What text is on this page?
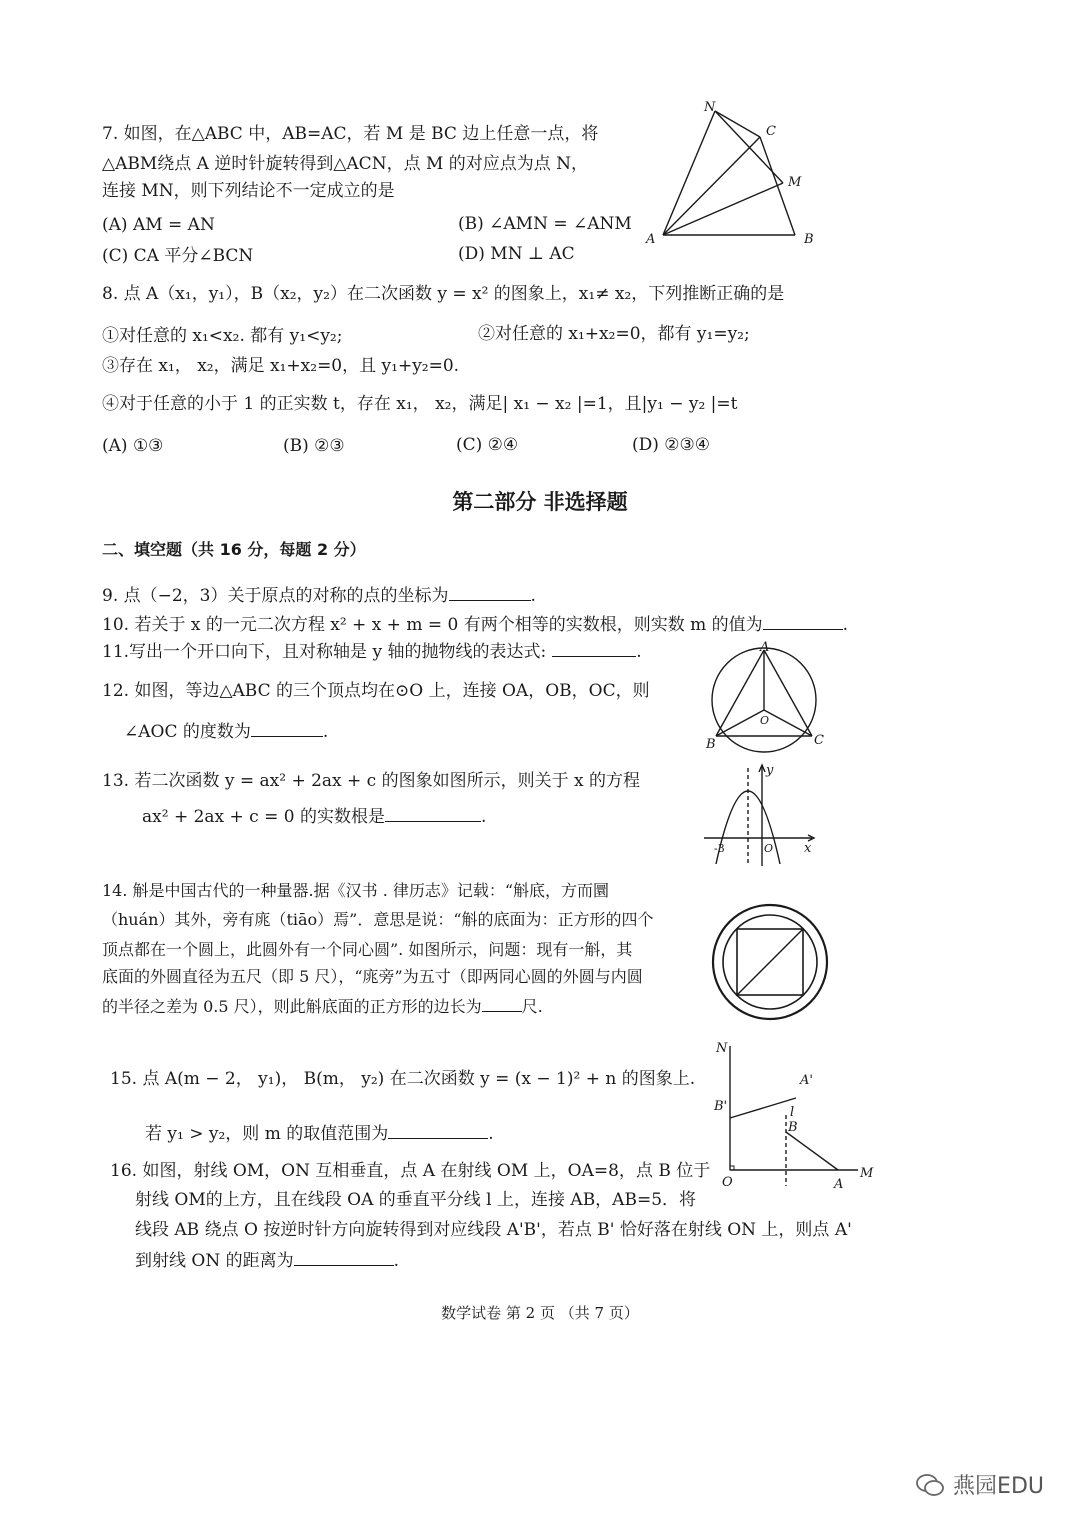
7. 如图，在△ABC 中，AB=AC，若 M 是 BC 边上任意一点，将
△ABM绕点 A 逆时针旋转得到△ACN，点 M 的对应点为点 N，
连接 MN，则下列结论不一定成立的是
(A) AM = AN	(B) ∠AMN = ∠ANM
(C) CA 平分∠BCN	(D) MN ⊥ AC
N
C
M
A	B
8. 点 A（x₁，y₁），B（x₂，y₂）在二次函数 y = x² 的图象上，x₁≠ x₂，下列推断正确的是
①对任意的 x₁<x₂. 都有 y₁<y₂;	②对任意的 x₁+x₂=0，都有 y₁=y₂;
③存在 x₁， x₂，满足 x₁+x₂=0，且 y₁+y₂=0.
④对于任意的小于 1 的正实数 t，存在 x₁， x₂，满足| x₁ − x₂ |=1，且|y₁ − y₂ |=t
(A) ①③	(B) ②③	(C) ②④	(D) ②③④
第二部分 非选择题
二、填空题（共 16 分，每题 2 分）
9. 点（−2，3）关于原点的对称的点的坐标为	.
10. 若关于 x 的一元二次方程 x² + x + m = 0 有两个相等的实数根，则实数 m 的值为	.
11.写出一个开口向下，且对称轴是 y 轴的抛物线的表达式:	.
12. 如图，等边△ABC 的三个顶点均在⊙O 上，连接 OA，OB，OC，则
∠AOC 的度数为	.
A
O
B	C
13. 若二次函数 y = ax² + 2ax + c 的图象如图所示，则关于 x 的方程
ax² + 2ax + c = 0 的实数根是	.
-3
y
O x
14. 斛是中国古代的一种量器.据《汉书 . 律历志》记载：“斛底，方而圜
（huán）其外，旁有庣（tiāo）焉”．意思是说：“斛的底面为：正方形的四个
顶点都在一个圆上，此圆外有一个同心圆”. 如图所示，问题：现有一斛，其
底面的外圆直径为五尺（即 5 尺），“庣旁”为五寸（即两同心圆的外圆与内圆
的半径之差为 0.5 尺），则此斛底面的正方形的边长为	尺.
15. 点 A(m − 2， y₁)， B(m， y₂) 在二次函数 y = (x − 1)² + n 的图象上.
若 y₁ > y₂，则 m 的取值范围为	.
16. 如图，射线 OM，ON 互相垂直，点 A 在射线 OM 上，OA=8，点 B 位于
射线 OM的上方，且在线段 OA 的垂直平分线 l 上，连接 AB，AB=5．将
线段 AB 绕点 O 按逆时针方向旋转得到对应线段 A'B'，若点 B' 恰好落在射线 ON 上，则点 A'
到射线 ON 的距离为	.
N
A'
B'	l
B
O	A
M
数学试卷 第 2 页 （共 7 页）
燕园EDU
